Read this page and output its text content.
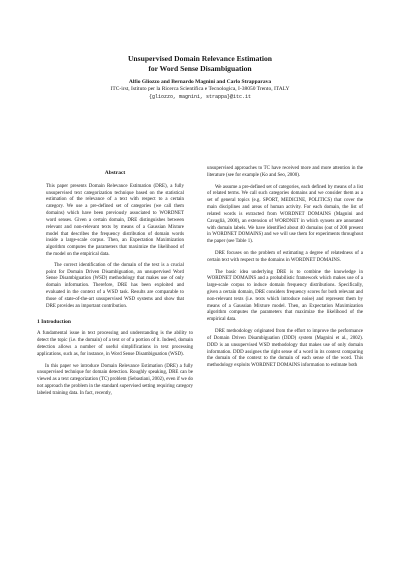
Unsupervised Domain Relevance Estimation
for Word Sense Disambiguation
Alfio Gliozzo and Bernardo Magnini and Carlo Strapparava
ITC-irst, Istituto per la Ricerca Scientifica e Tecnologica, I-38050 Trento, ITALY
{gliozzo, magnini, strappa}@itc.it
Abstract

This paper presents Domain Relevance Estimation (DRE), a fully unsupervised text categorization technique based on the statistical estimation of the relevance of a text with respect to a certain category. We use a pre-defined set of categories (we call them domains) which have been previously associated to WORDNET word senses. Given a certain domain, DRE distinguishes between relevant and non-relevant texts by means of a Gaussian Mixture model that describes the frequency distribution of domain words inside a large-scale corpus. Then, an Expectation Maximization algorithm computes the parameters that maximize the likelihood of the model on the empirical data.

The correct identification of the domain of the text is a crucial point for Domain Driven Disambiguation, an unsupervised Word Sense Disambiguation (WSD) methodology that makes use of only domain information. Therefore, DRE has been exploited and evaluated in the context of a WSD task. Results are comparable to those of state-of-the-art unsupervised WSD systems and show that DRE provides an important contribution.

1 Introduction

A fundamental issue in text processing and understanding is the ability to detect the topic (i.e. the domain) of a text or of a portion of it. Indeed, domain detection allows a number of useful simplifications in text processing applications, such as, for instance, in Word Sense Disambiguation (WSD).

In this paper we introduce Domain Relevance Estimation (DRE) a fully unsupervised technique for domain detection. Roughly speaking, DRE can be viewed as a text categorization (TC) problem (Sebastiani, 2002), even if we do not approach the problem in the standard supervised setting requiring category labeled training data. In fact, recently,

unsupervised approaches to TC have received more and more attention in the literature (see for example (Ko and Seo, 2000).

We assume a pre-defined set of categories, each defined by means of a list of related terms. We call such categories domains and we consider them as a set of general topics (e.g. SPORT, MEDICINE, POLITICS) that cover the main disciplines and areas of human activity. For each domain, the list of related words is extracted from WORDNET DOMAINS (Magnini and Cavaglià, 2000), an extension of WORDNET in which synsets are annotated with domain labels. We have identified about 40 domains (out of 200 present in WORDNET DOMAINS) and we will use them for experiments throughout the paper (see Table 1).

DRE focuses on the problem of estimating a degree of relatedness of a certain text with respect to the domains in WORDNET DOMAINS.

The basic idea underlying DRE is to combine the knowledge in WORDNET DOMAINS and a probabilistic framework which makes use of a large-scale corpus to induce domain frequency distributions. Specifically, given a certain domain, DRE considers frequency scores for both relevant and non-relevant texts (i.e. texts which introduce noise) and represent them by means of a Gaussian Mixture model. Then, an Expectation Maximization algorithm computes the parameters that maximize the likelihood of the empirical data.

DRE methodology originated from the effort to improve the performance of Domain Driven Disambiguation (DDD) system (Magnini et al., 2002). DDD is an unsupervised WSD methodology that makes use of only domain information. DDD assignes the right sense of a word in its context comparing the domain of the context to the domain of each sense of the word. This methodology exploits WORDNET DOMAINS information to estimate both
